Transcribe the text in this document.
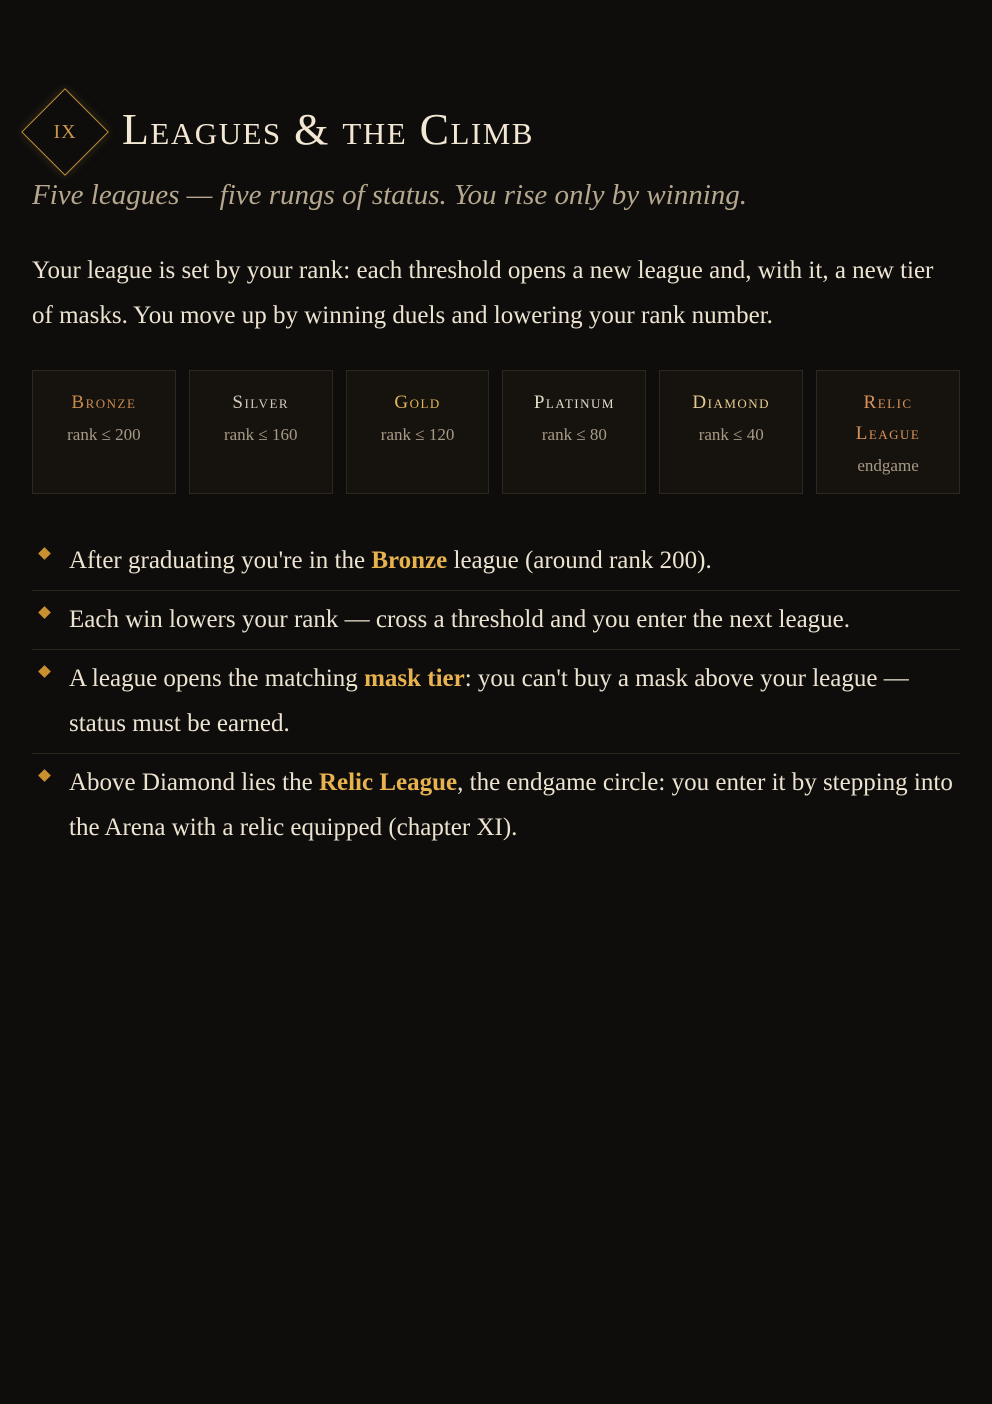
IX	Leagues & the Climb

Five leagues — five rungs of status. You rise only by winning.

Your league is set by your rank: each threshold opens a new league and, with it, a new tier of masks. You move up by winning duels and lowering your rank number.

Bronze
rank ≤ 200
Silver
rank ≤ 160
Gold
rank ≤ 120
Platinum
rank ≤ 80
Diamond
rank ≤ 40
Relic League
endgame
After graduating you're in the Bronze league (around rank 200).
Each win lowers your rank — cross a threshold and you enter the next league.
A league opens the matching mask tier: you can't buy a mask above your league — status must be earned.
Above Diamond lies the Relic League, the endgame circle: you enter it by stepping into the Arena with a relic equipped (chapter XI).
